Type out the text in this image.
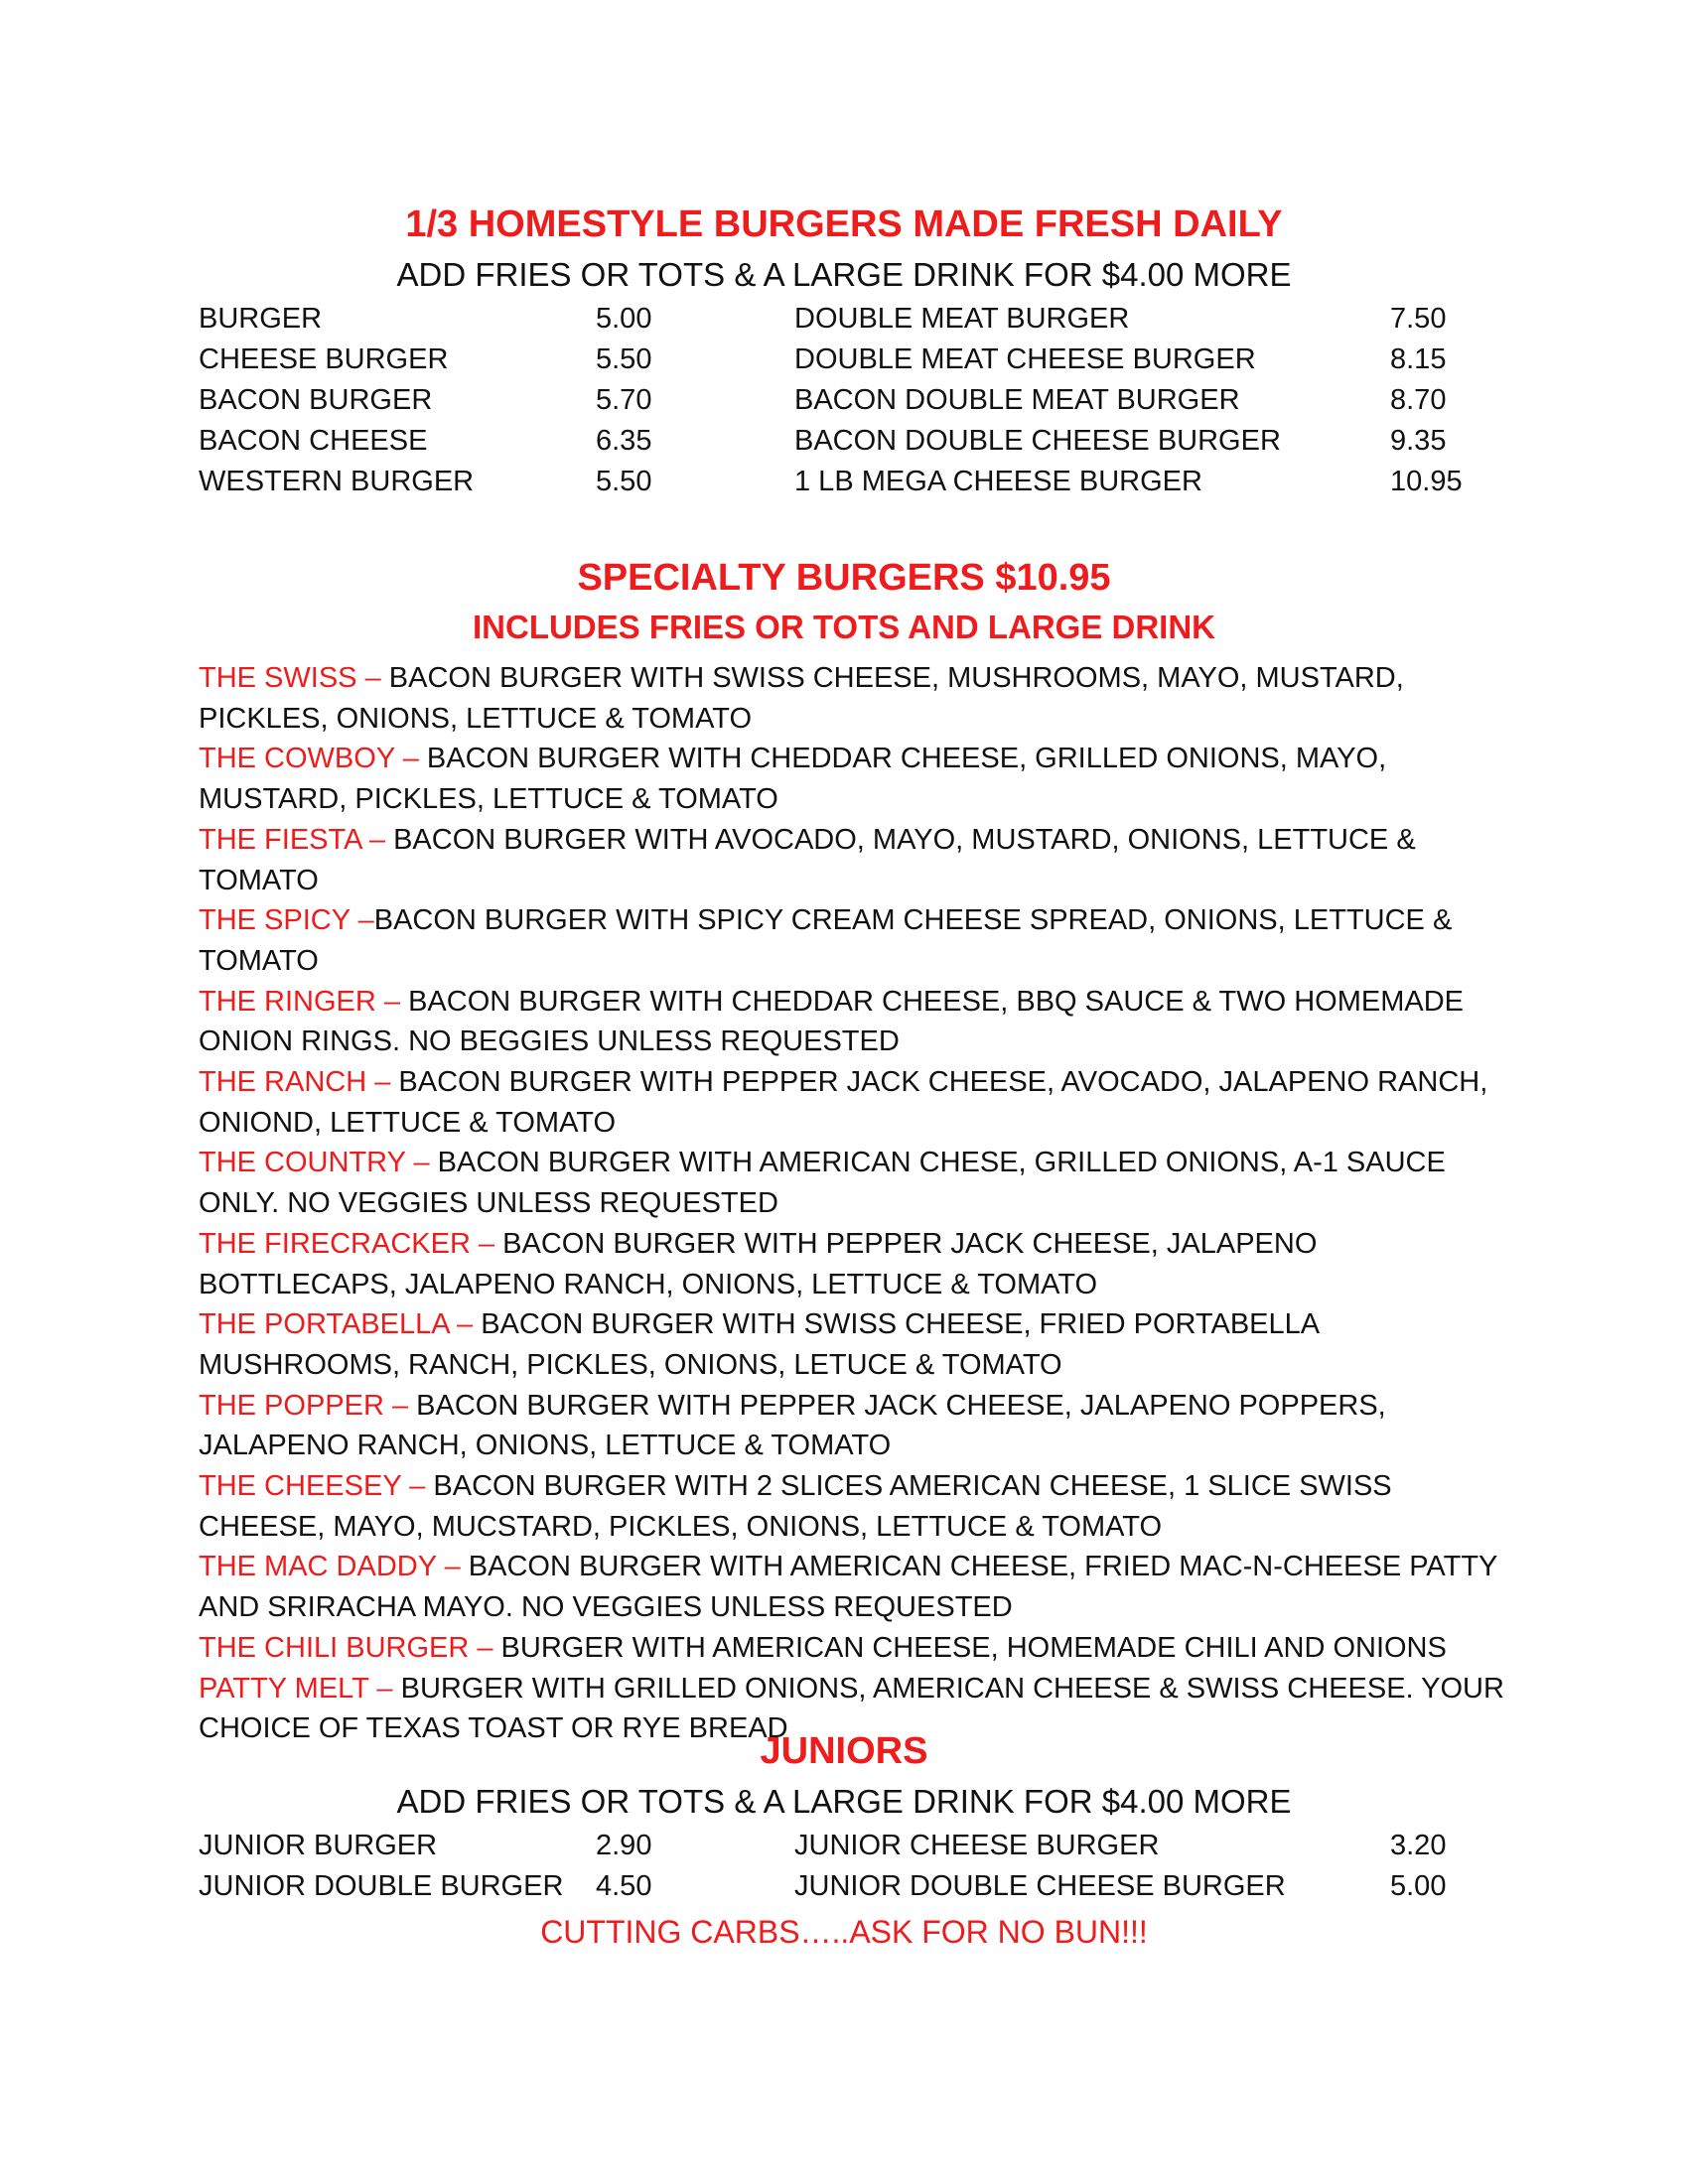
1/3 HOMESTYLE BURGERS MADE FRESH DAILY
ADD FRIES OR TOTS & A LARGE DRINK FOR $4.00 MORE
BURGER	5.00	DOUBLE MEAT BURGER	7.50
CHEESE BURGER	5.50	DOUBLE MEAT CHEESE BURGER	8.15
BACON BURGER	5.70	BACON DOUBLE MEAT BURGER	8.70
BACON CHEESE	6.35	BACON DOUBLE CHEESE BURGER	9.35
WESTERN BURGER	5.50	1 LB MEGA CHEESE BURGER	10.95
SPECIALTY BURGERS $10.95
INCLUDES FRIES OR TOTS AND LARGE DRINK

THE SWISS – BACON BURGER WITH SWISS CHEESE, MUSHROOMS, MAYO, MUSTARD, PICKLES, ONIONS, LETTUCE & TOMATO

THE COWBOY – BACON BURGER WITH CHEDDAR CHEESE, GRILLED ONIONS, MAYO, MUSTARD, PICKLES, LETTUCE & TOMATO

THE FIESTA – BACON BURGER WITH AVOCADO, MAYO, MUSTARD, ONIONS, LETTUCE & TOMATO

THE SPICY –BACON BURGER WITH SPICY CREAM CHEESE SPREAD, ONIONS, LETTUCE & TOMATO

THE RINGER – BACON BURGER WITH CHEDDAR CHEESE, BBQ SAUCE & TWO HOMEMADE ONION RINGS. NO BEGGIES UNLESS REQUESTED

THE RANCH – BACON BURGER WITH PEPPER JACK CHEESE, AVOCADO, JALAPENO RANCH, ONIOND, LETTUCE & TOMATO

THE COUNTRY – BACON BURGER WITH AMERICAN CHESE, GRILLED ONIONS, A-1 SAUCE ONLY. NO VEGGIES UNLESS REQUESTED

THE FIRECRACKER – BACON BURGER WITH PEPPER JACK CHEESE, JALAPENO BOTTLECAPS, JALAPENO RANCH, ONIONS, LETTUCE & TOMATO

THE PORTABELLA – BACON BURGER WITH SWISS CHEESE, FRIED PORTABELLA MUSHROOMS, RANCH, PICKLES, ONIONS, LETUCE & TOMATO

THE POPPER – BACON BURGER WITH PEPPER JACK CHEESE, JALAPENO POPPERS, JALAPENO RANCH, ONIONS, LETTUCE & TOMATO

THE CHEESEY – BACON BURGER WITH 2 SLICES AMERICAN CHEESE, 1 SLICE SWISS CHEESE, MAYO, MUCSTARD, PICKLES, ONIONS, LETTUCE & TOMATO

THE MAC DADDY – BACON BURGER WITH AMERICAN CHEESE, FRIED MAC-N-CHEESE PATTY AND SRIRACHA MAYO. NO VEGGIES UNLESS REQUESTED

THE CHILI BURGER – BURGER WITH AMERICAN CHEESE, HOMEMADE CHILI AND ONIONS

PATTY MELT – BURGER WITH GRILLED ONIONS, AMERICAN CHEESE & SWISS CHEESE. YOUR CHOICE OF TEXAS TOAST OR RYE BREAD

JUNIORS
ADD FRIES OR TOTS & A LARGE DRINK FOR $4.00 MORE
JUNIOR BURGER	2.90	JUNIOR CHEESE BURGER	3.20
JUNIOR DOUBLE BURGER 4.50	JUNIOR DOUBLE CHEESE BURGER	5.00
CUTTING CARBS…..ASK FOR NO BUN!!!
